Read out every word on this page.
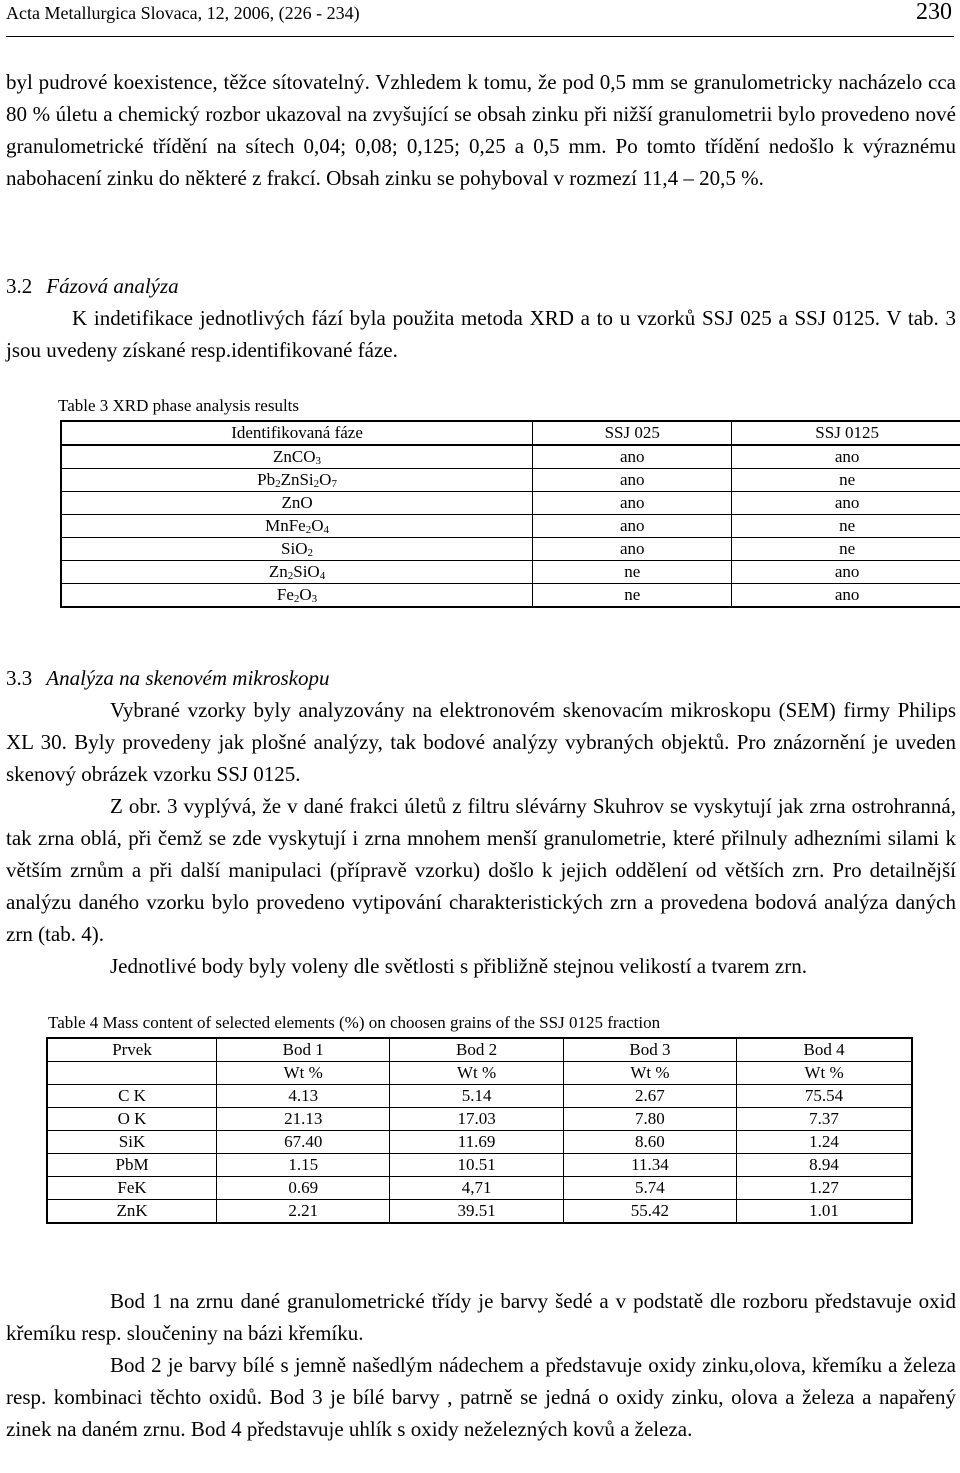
Acta Metallurgica Slovaca, 12, 2006, (226 - 234)	230

byl pudrové koexistence, těžce sítovatelný. Vzhledem k tomu, že pod 0,5 mm se granulometricky nacházelo cca 80 % úletu a chemický rozbor ukazoval na zvyšující se obsah zinku při nižší granulometrii bylo provedeno nové granulometrické třídění na sítech 0,04; 0,08; 0,125; 0,25 a 0,5 mm. Po tomto třídění nedošlo k výraznému nabohacení zinku do některé z frakcí. Obsah zinku se pohyboval v rozmezí 11,4 – 20,5 %.

3.2 Fázová analýza

K indetifikace jednotlivých fází byla použita metoda XRD a to u vzorků SSJ 025 a SSJ 0125. V tab. 3 jsou uvedeny získané resp.identifikované fáze.

Table 3 XRD phase analysis results
Identifikovaná fáze	SSJ 025	SSJ 0125
ZnCO$_3$	ano	ano
$Pb_2ZnSi_2O_7$	ano	ne
ZnO	ano	ano
$MnFe_2O_4$	ano	ne
SiO$_2$	ano	ne
$Zn_2SiO_4$	ne	ano
$Fe_2O_3$	ne	ano

3.3 Analýza na skenovém mikroskopu

Vybrané vzorky byly analyzovány na elektronovém skenovacím mikroskopu (SEM) firmy Philips XL 30. Byly provedeny jak plošné analýzy, tak bodové analýzy vybraných objektů. Pro znázornění je uveden skenový obrázek vzorku SSJ 0125.

Z obr. 3 vyplývá, že v dané frakci úletů z filtru slévárny Skuhrov se vyskytují jak zrna ostrohranná, tak zrna oblá, při čemž se zde vyskytují i zrna mnohem menší granulometrie, které přilnuly adhezními silami k větším zrnům a při další manipulaci (přípravě vzorku) došlo k jejich oddělení od větších zrn. Pro detailnější analýzu daného vzorku bylo provedeno vytipování charakteristických zrn a provedena bodová analýza daných zrn (tab. 4).

Jednotlivé body byly voleny dle světlosti s přibližně stejnou velikostí a tvarem zrn.

Table 4 Mass content of selected elements (%) on choosen grains of the SSJ 0125 fraction
Prvek	Bod 1	Bod 2	Bod 3	Bod 4
	Wt %	Wt %	Wt %	Wt %
C K	4.13	5.14	2.67	75.54
O K	21.13	17.03	7.80	7.37
SiK	67.40	11.69	8.60	1.24
PbM	1.15	10.51	11.34	8.94
FeK	0.69	4,71	5.74	1.27
ZnK	2.21	39.51	55.42	1.01

Bod 1 na zrnu dané granulometrické třídy je barvy šedé a v podstatě dle rozboru představuje oxid křemíku resp. sloučeniny na bázi křemíku.

Bod 2 je barvy bílé s jemně našedlým nádechem a představuje oxidy zinku,olova, křemíku a železa resp. kombinaci těchto oxidů. Bod 3 je bílé barvy , patrně se jedná o oxidy zinku, olova a železa a napařený zinek na daném zrnu. Bod 4 představuje uhlík s oxidy neželezných kovů a železa.
